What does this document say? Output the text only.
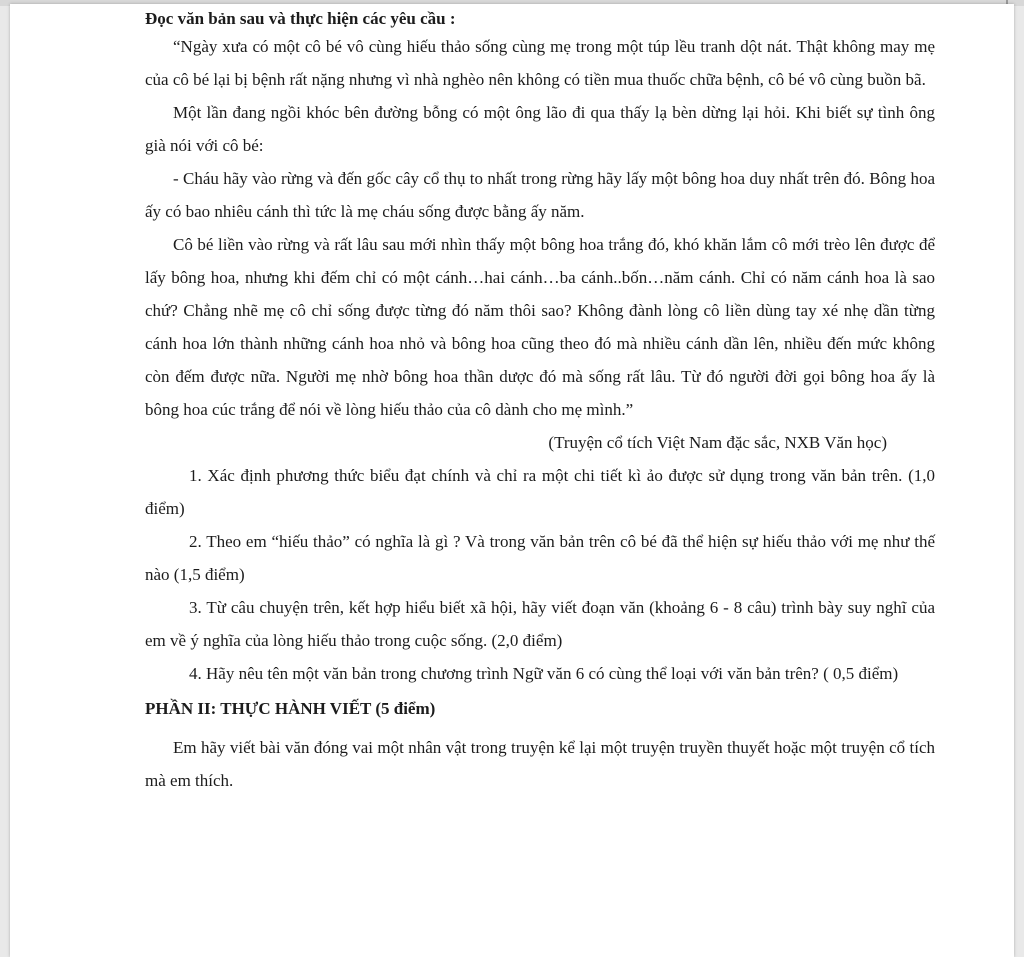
Đọc văn bản sau và thực hiện các yêu cầu :

“Ngày xưa có một cô bé vô cùng hiếu thảo sống cùng mẹ trong một túp lều tranh dột nát. Thật không may mẹ của cô bé lại bị bệnh rất nặng nhưng vì nhà nghèo nên không có tiền mua thuốc chữa bệnh, cô bé vô cùng buồn bã.

Một lần đang ngồi khóc bên đường bỗng có một ông lão đi qua thấy lạ bèn dừng lại hỏi. Khi biết sự tình ông già nói với cô bé:

- Cháu hãy vào rừng và đến gốc cây cổ thụ to nhất trong rừng hãy lấy một bông hoa duy nhất trên đó. Bông hoa ấy có bao nhiêu cánh thì tức là mẹ cháu sống được bằng ấy năm.

Cô bé liền vào rừng và rất lâu sau mới nhìn thấy một bông hoa trắng đó, khó khăn lắm cô mới trèo lên được để lấy bông hoa, nhưng khi đếm chỉ có một cánh…hai cánh…ba cánh..bốn…năm cánh. Chỉ có năm cánh hoa là sao chứ? Chẳng nhẽ mẹ cô chỉ sống được từng đó năm thôi sao? Không đành lòng cô liền dùng tay xé nhẹ dần từng cánh hoa lớn thành những cánh hoa nhỏ và bông hoa cũng theo đó mà nhiều cánh dần lên, nhiều đến mức không còn đếm được nữa. Người mẹ nhờ bông hoa thần dược đó mà sống rất lâu. Từ đó người đời gọi bông hoa ấy là bông hoa cúc trắng để nói về lòng hiếu thảo của cô dành cho mẹ mình.”

(Truyện cổ tích Việt Nam đặc sắc, NXB Văn học)

1. Xác định phương thức biểu đạt chính và chỉ ra một chi tiết kì ảo được sử dụng trong văn bản trên. (1,0 điểm)

2. Theo em “hiếu thảo” có nghĩa là gì ? Và trong văn bản trên cô bé đã thể hiện sự hiếu thảo với mẹ như thế nào (1,5 điểm)

3. Từ câu chuyện trên, kết hợp hiểu biết xã hội, hãy viết đoạn văn (khoảng 6 - 8 câu) trình bày suy nghĩ của em về ý nghĩa của lòng hiếu thảo trong cuộc sống. (2,0 điểm)

4. Hãy nêu tên một văn bản trong chương trình Ngữ văn 6 có cùng thể loại với văn bản trên? ( 0,5 điểm)

PHẦN II: THỰC HÀNH VIẾT (5 điểm)

Em hãy viết bài văn đóng vai một nhân vật trong truyện kể lại một truyện truyền thuyết hoặc một truyện cổ tích mà em thích.
